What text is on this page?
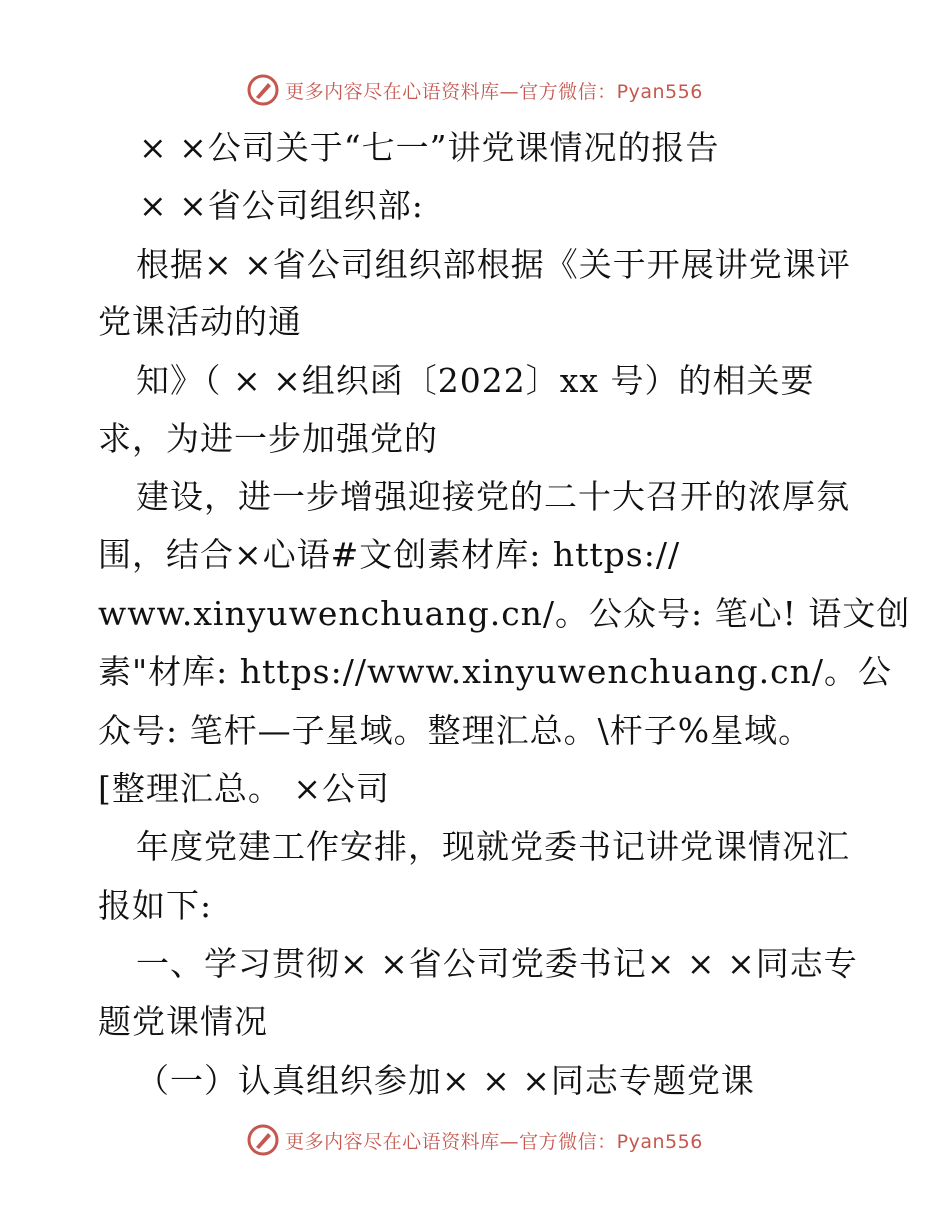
更多内容尽在心语资料库—官方微信：Pyan556
× ×公司关于“七一”讲党课情况的报告
× ×省公司组织部:
根据× ×省公司组织部根据《关于开展讲党课评
党课活动的通
知》（ × ×组织函〔2022〕xx 号）的相关要
求，为进一步加强党的
建设，进一步增强迎接党的二十大召开的浓厚氛
围，结合×心语#文创素材库: https://
www.xinyuwenchuang.cn/。公众号: 笔心! 语文创
素"材库: https://www.xinyuwenchuang.cn/。公
众号: 笔杆—子星域。整理汇总。\杆子%星域。
[整理汇总。 ×公司
年度党建工作安排，现就党委书记讲党课情况汇
报如下:
一、学习贯彻× ×省公司党委书记× × ×同志专
题党课情况
（一）认真组织参加× × ×同志专题党课
更多内容尽在心语资料库—官方微信：Pyan556
